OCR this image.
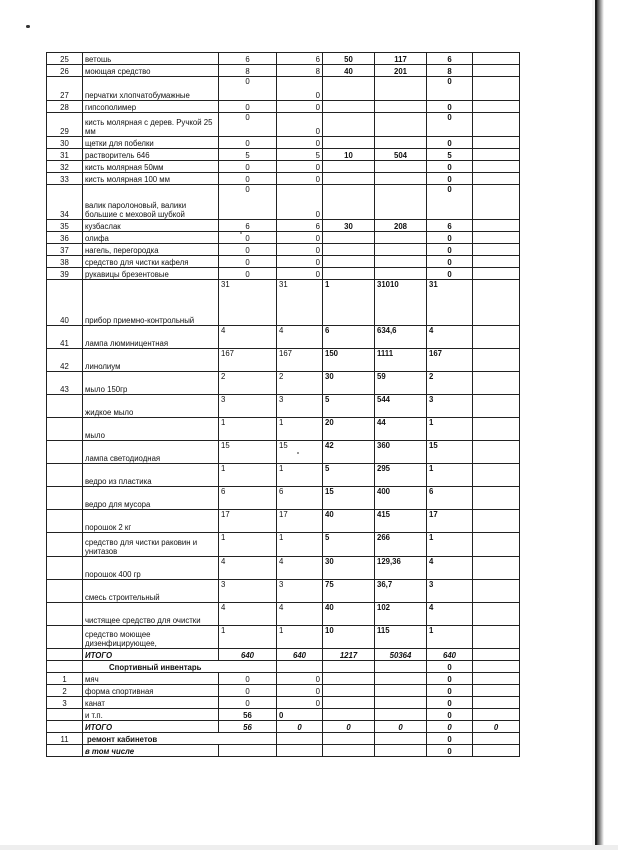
25	ветошь	6	6	50	117	6	
26	моющая средство	8	8	40	201	8	
27	перчатки хлопчатобумажные	0	0			0	
28	гипсополимер	0	0			0	
29	кисть молярная с дерев. Ручкой 25 мм	0	0			0	
30	щетки для побелки	0	0			0	
31	растворитель 646	5	5	10	504	5	
32	кисть молярная 50мм	0	0			0	
33	кисть молярная 100 мм	0	0			0	
34	валик паролоновый, валики большие с меховой шубкой	0	0			0	
35	кузбаслак	6	6	30	208	6	
36	олифа	0	0			0	
37	нагель, перегородка	0	0			0	
38	средство для чистки кафеля	0	0			0	
39	рукавицы брезентовые	0	0			0	
40	прибор приемно-контрольный	31	31	1	31010	31	
41	лампа люминицентная	4	4	6	634,6	4	
42	линолиум	167	167	150	1111	167	
43	мыло 150гр	2	2	30	59	2	
	жидкое мыло	3	3	5	544	3	
	мыло	1	1	20	44	1	
	лампа светодиодная	15	15	42	360	15	
	ведро из пластика	1	1	5	295	1	
	ведро для мусора	6	6	15	400	6	
	порошок 2 кг	17	17	40	415	17	
	средство для чистки раковин и унитазов	1	1	5	266	1	
	порошок 400 гр	4	4	30	129,36	4	
	смесь строительный	3	3	75	36,7	3	
	чистящее средство для очистки	4	4	40	102	4	
	средство моющее дизенфицирующее,	1	1	10	115	1	
	ИТОГО	640	640	1217	50364	640	
	Спортивный инвентарь					0	
1	мяч	0	0			0	
2	форма спортивная	0	0			0	
3	канат	0	0			0	
	и т.п.	56	0			0	
	ИТОГО	56	0	0	0	0	0
11	ремонт кабинетов					0	
	в том числе					0	
